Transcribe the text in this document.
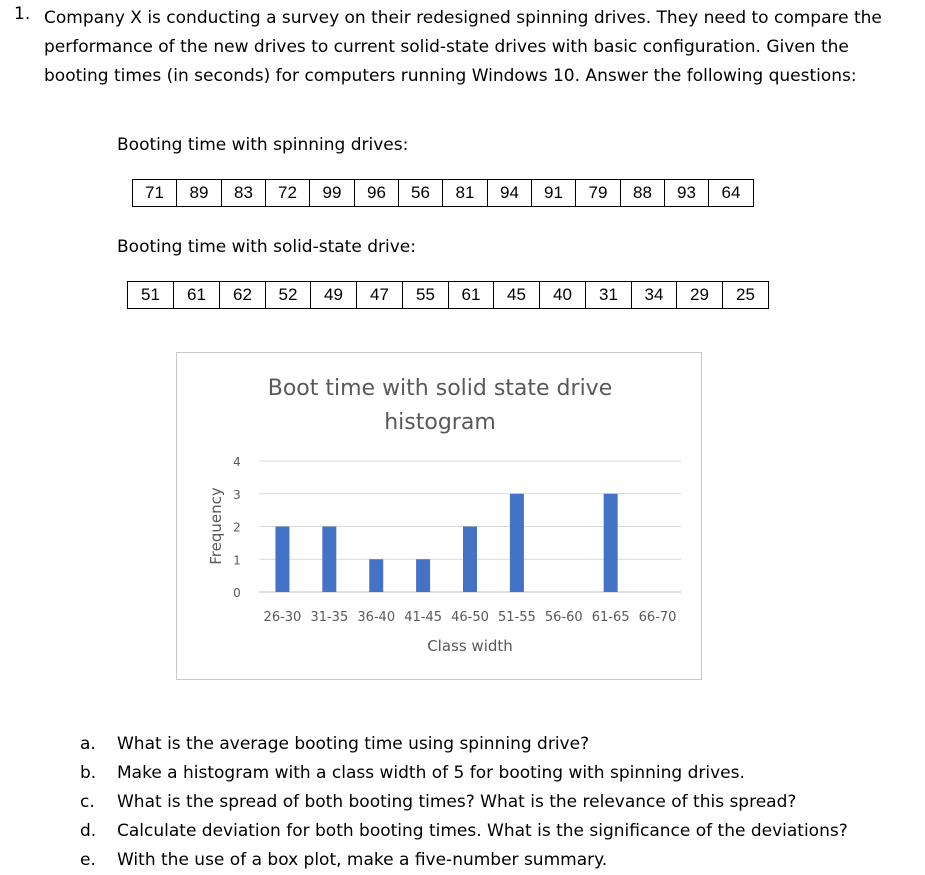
1. Company X is conducting a survey on their redesigned spinning drives. They need to compare the performance of the new drives to current solid-state drives with basic configuration. Given the booting times (in seconds) for computers running Windows 10. Answer the following questions:
Booting time with spinning drives:
71	89	83	72	99	96	56	81	94	91	79	88	93	64
Booting time with solid-state drive:
51	61	62	52	49	47	55	61	45	40	31	34	29	25
Boot time with solid state drive
histogram
0
1
2
3
4
26-30 31-35 36-40 41-45 46-50 51-55 56-60 61-65 66-70
Class width
Frequency
a. What is the average booting time using spinning drive?
b. Make a histogram with a class width of 5 for booting with spinning drives.
c.	What is the spread of both booting times? What is the relevance of this spread?
d. Calculate deviation for both booting times. What is the significance of the deviations?
e. With the use of a box plot, make a five-number summary.
